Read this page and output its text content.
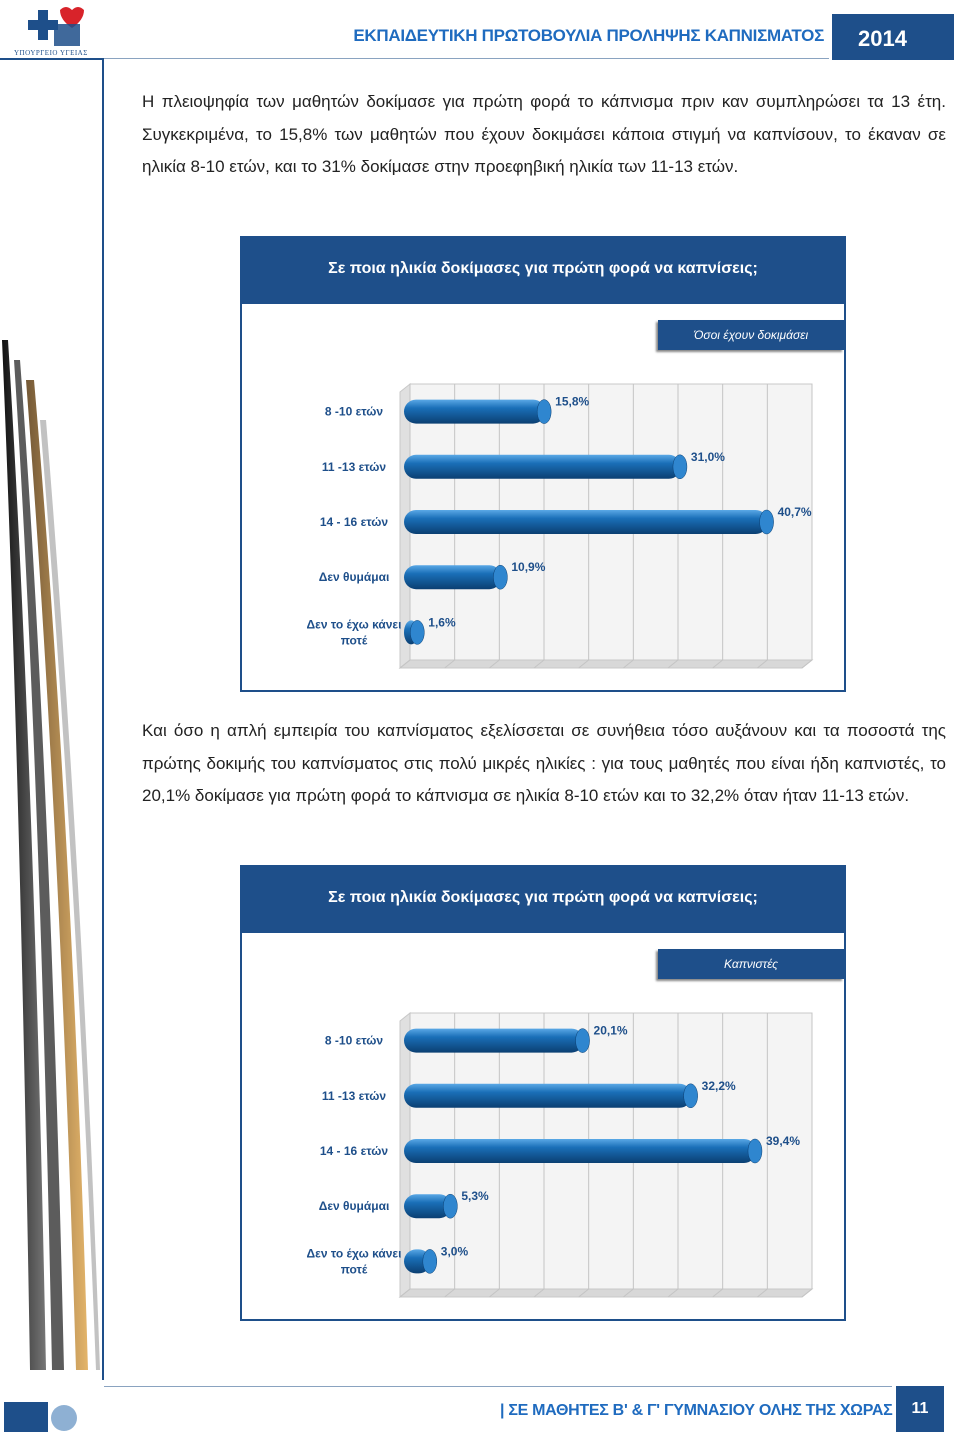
ΥΠΟΥΡΓΕΙΟ ΥΓΕΙΑΣ
ΕΚΠΑΙΔΕΥΤΙΚΗ ΠΡΩΤΟΒΟΥΛΙΑ ΠΡΟΛΗΨΗΣ ΚΑΠΝΙΣΜΑΤΟΣ	2014
Η πλειοψηφία των μαθητών δοκίμασε για πρώτη φορά το κάπνισμα πριν καν συμπληρώσει τα 13 έτη. Συγκεκριμένα, το 15,8% των μαθητών που έχουν δοκιμάσει κάποια στιγμή να καπνίσουν, το έκαναν σε ηλικία 8-10 ετών, και το 31% δοκίμασε στην προεφηβική ηλικία των 11-13 ετών.
Σε ποια ηλικία δοκίμασες για πρώτη φορά να καπνίσεις;
Όσοι έχουν δοκιμάσει
15,8%
8 -10 ετών
31,0%
11 -13 ετών
40,7%
14 - 16 ετών
10,9%
Δεν θυμάμαι
1,6%
Δεν το έχω κάνει
ποτέ
Και όσο η απλή εμπειρία του καπνίσματος εξελίσσεται σε συνήθεια τόσο αυξάνουν και τα ποσοστά της πρώτης δοκιμής του καπνίσματος στις πολύ μικρές ηλικίες : για τους μαθητές που είναι ήδη καπνιστές, το 20,1% δοκίμασε για πρώτη φορά το κάπνισμα σε ηλικία 8-10 ετών και το 32,2% όταν ήταν 11-13 ετών.
Σε ποια ηλικία δοκίμασες για πρώτη φορά να καπνίσεις;
Καπνιστές
20,1%
8 -10 ετών
32,2%
11 -13 ετών
39,4%
14 - 16 ετών
5,3%
Δεν θυμάμαι
3,0%
Δεν το έχω κάνει
ποτέ
| ΣΕ ΜΑΘΗΤΕΣ Β' & Γ' ΓΥΜΝΑΣΙΟΥ ΟΛΗΣ ΤΗΣ ΧΩΡΑΣ	11
